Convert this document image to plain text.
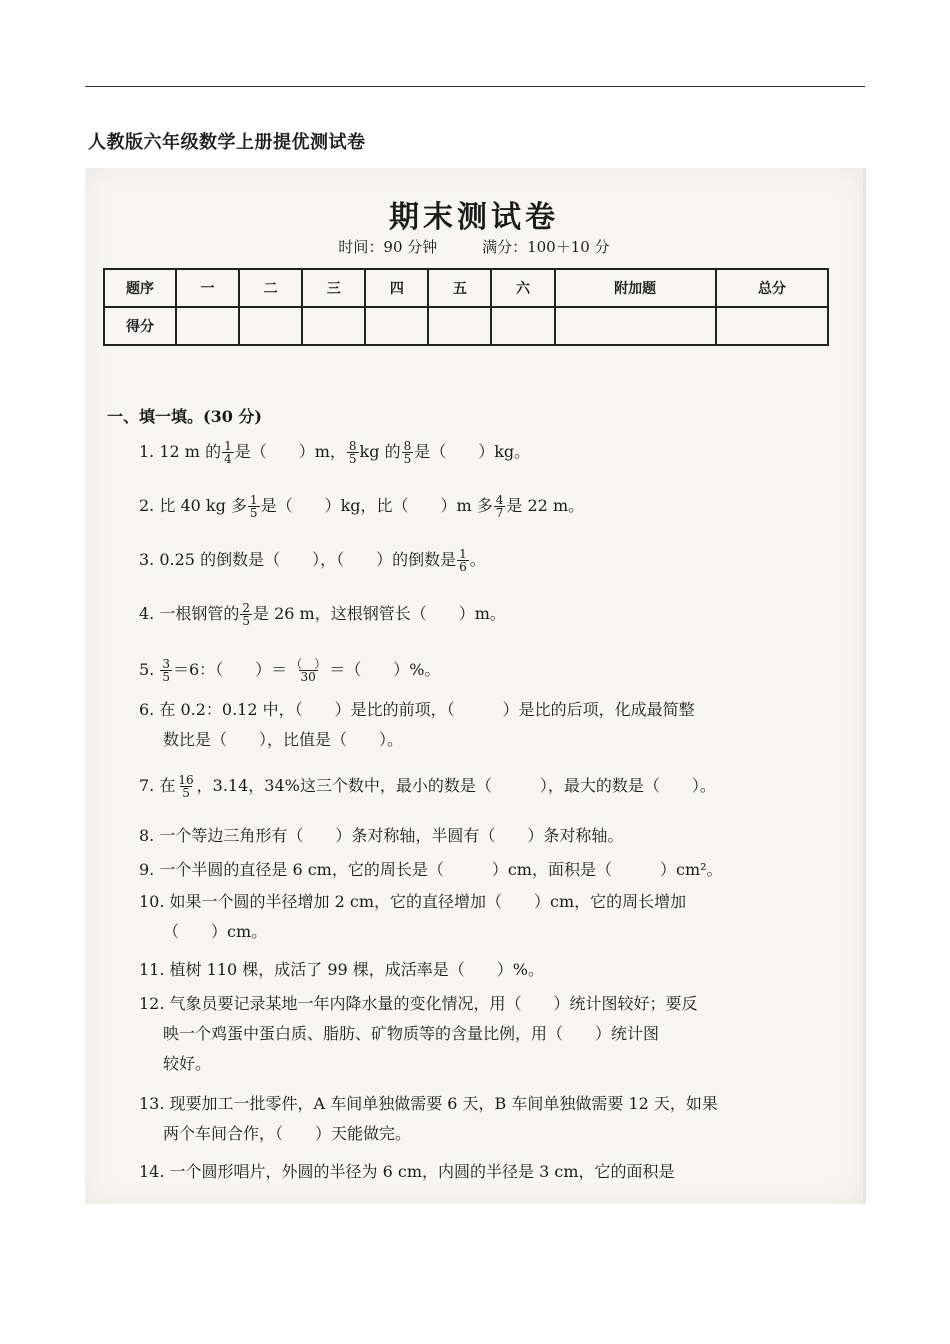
人教版六年级数学上册提优测试卷
期末测试卷
时间：90 分钟	满分：100＋10 分
题序	一	二	三	四	五	六	附加题	总分
得分								
一、填一填。(30 分)
1. 12 m 的 $\frac{1}{4}$ 是（　　）m， $\frac{8}{5}$ kg 的 $\frac{8}{5}$ 是（　　）kg。
2. 比 40 kg 多 $\frac{1}{5}$ 是（　　）kg，比（　　）m 多 $\frac{4}{7}$ 是 22 m。
3. 0.25 的倒数是（　　），（　　）的倒数是 $\frac{1}{6}$ 。
4. 一根钢管的 $\frac{2}{5}$ 是 26 m，这根钢管长（　　）m。
5. $\frac{3}{5} =6$：（　　）＝ $\frac{( )}{30}$ ＝（　　）%。
6. 在 0.2：0.12 中，（　　）是比的前项，（　　　）是比的后项，化成最简整
数比是（　　），比值是（　　）。
7. 在 $\frac{16}{5}$ ，3.14，34%这三个数中，最小的数是（　　　），最大的数是（　　）。
8. 一个等边三角形有（　　）条对称轴，半圆有（　　）条对称轴。
9. 一个半圆的直径是 6 cm，它的周长是（　　　）cm，面积是（　　　）cm²。
10. 如果一个圆的半径增加 2 cm，它的直径增加（　　）cm，它的周长增加
（　　）cm。
11. 植树 110 棵，成活了 99 棵，成活率是（　　）%。
12. 气象员要记录某地一年内降水量的变化情况，用（　　）统计图较好；要反
映一个鸡蛋中蛋白质、脂肪、矿物质等的含量比例，用（　　）统计图
较好。
13. 现要加工一批零件，A 车间单独做需要 6 天，B 车间单独做需要 12 天，如果
两个车间合作，（　　）天能做完。
14. 一个圆形唱片，外圆的半径为 6 cm，内圆的半径是 3 cm，它的面积是
